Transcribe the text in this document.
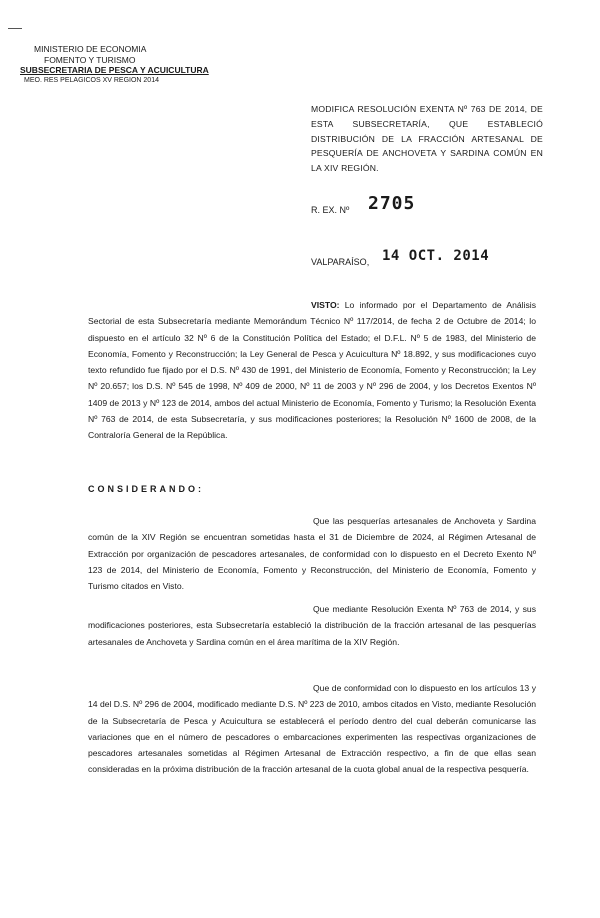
MINISTERIO DE ECONOMIA
FOMENTO Y TURISMO
SUBSECRETARIA DE PESCA Y ACUICULTURA
MEO. RES PELAGICOS XV REGION 2014
MODIFICA RESOLUCIÓN EXENTA Nº 763 DE 2014, DE ESTA SUBSECRETARÍA, QUE ESTABLECIÓ DISTRIBUCIÓN DE LA FRACCIÓN ARTESANAL DE PESQUERÍA DE ANCHOVETA Y SARDINA COMÚN EN LA XIV REGIÓN.
R. EX. Nº 2705
VALPARAÍSO, 14 OCT. 2014
VISTO: Lo informado por el Departamento de Análisis Sectorial de esta Subsecretaría mediante Memorándum Técnico Nº 117/2014, de fecha 2 de Octubre de 2014; lo dispuesto en el artículo 32 Nº 6 de la Constitución Política del Estado; el D.F.L. Nº 5 de 1983, del Ministerio de Economía, Fomento y Reconstrucción; la Ley General de Pesca y Acuicultura Nº 18.892, y sus modificaciones cuyo texto refundido fue fijado por el D.S. Nº 430 de 1991, del Ministerio de Economía, Fomento y Reconstrucción; la Ley Nº 20.657; los D.S. Nº 545 de 1998, Nº 409 de 2000, Nº 11 de 2003 y Nº 296 de 2004, y los Decretos Exentos Nº 1409 de 2013 y Nº 123 de 2014, ambos del actual Ministerio de Economía, Fomento y Turismo; la Resolución Exenta Nº 763 de 2014, de esta Subsecretaría, y sus modificaciones posteriores; la Resolución Nº 1600 de 2008, de la Contraloría General de la República.
CONSIDERANDO:
Que las pesquerías artesanales de Anchoveta y Sardina común de la XIV Región se encuentran sometidas hasta el 31 de Diciembre de 2024, al Régimen Artesanal de Extracción por organización de pescadores artesanales, de conformidad con lo dispuesto en el Decreto Exento Nº 123 de 2014, del Ministerio de Economía, Fomento y Reconstrucción, del Ministerio de Economía, Fomento y Turismo citados en Visto.
Que mediante Resolución Exenta Nº 763 de 2014, y sus modificaciones posteriores, esta Subsecretaría estableció la distribución de la fracción artesanal de las pesquerías artesanales de Anchoveta y Sardina común en el área marítima de la XIV Región.
Que de conformidad con lo dispuesto en los artículos 13 y 14 del D.S. Nº 296 de 2004, modificado mediante D.S. Nº 223 de 2010, ambos citados en Visto, mediante Resolución de la Subsecretaría de Pesca y Acuicultura se establecerá el período dentro del cual deberán comunicarse las variaciones que en el número de pescadores o embarcaciones experimenten las respectivas organizaciones de pescadores artesanales sometidas al Régimen Artesanal de Extracción respectivo, a fin de que ellas sean consideradas en la próxima distribución de la fracción artesanal de la cuota global anual de la respectiva pesquería.
